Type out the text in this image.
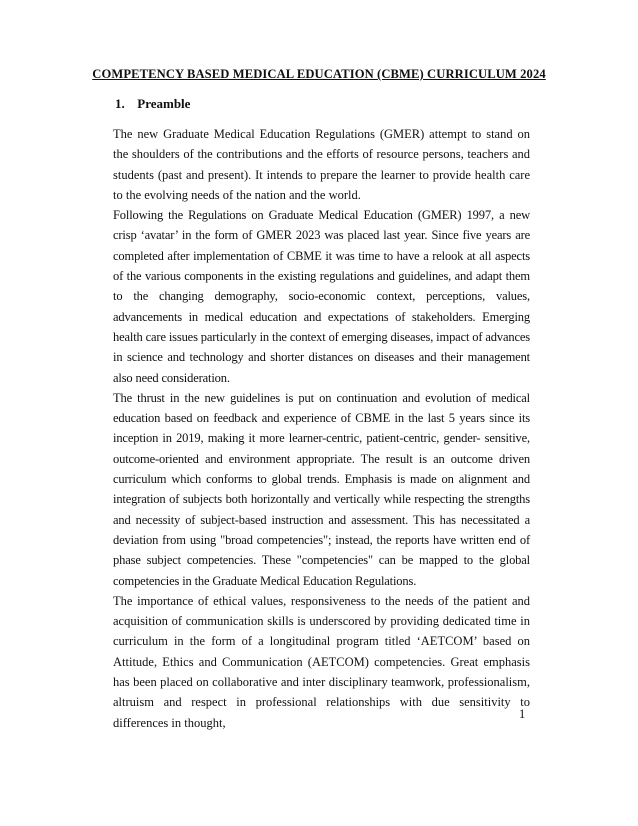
COMPETENCY BASED MEDICAL EDUCATION (CBME) CURRICULUM 2024
1. Preamble

The new Graduate Medical Education Regulations (GMER) attempt to stand on the shoulders of the contributions and the efforts of resource persons, teachers and students (past and present). It intends to prepare the learner to provide health care to the evolving needs of the nation and the world.

Following the Regulations on Graduate Medical Education (GMER) 1997, a new crisp ‘avatar’ in the form of GMER 2023 was placed last year. Since five years are completed after implementation of CBME it was time to have a relook at all aspects of the various components in the existing regulations and guidelines, and adapt them to the changing demography, socio-economic context, perceptions, values, advancements in medical education and expectations of stakeholders. Emerging health care issues particularly in the context of emerging diseases, impact of advances in science and technology and shorter distances on diseases and their management also need consideration.

The thrust in the new guidelines is put on continuation and evolution of medical education based on feedback and experience of CBME in the last 5 years since its inception in 2019, making it more learner-centric, patient-centric, gender- sensitive, outcome-oriented and environment appropriate. The result is an outcome driven curriculum which conforms to global trends. Emphasis is made on alignment and integration of subjects both horizontally and vertically while respecting the strengths and necessity of subject-based instruction and assessment. This has necessitated a deviation from using "broad competencies"; instead, the reports have written end of phase subject competencies. These "competencies" can be mapped to the global competencies in the Graduate Medical Education Regulations.

The importance of ethical values, responsiveness to the needs of the patient and acquisition of communication skills is underscored by providing dedicated time in curriculum in the form of a longitudinal program titled ‘AETCOM’ based on Attitude, Ethics and Communication (AETCOM) competencies. Great emphasis has been placed on collaborative and inter disciplinary teamwork, professionalism, altruism and respect in professional relationships with due sensitivity to differences in thought,

1
